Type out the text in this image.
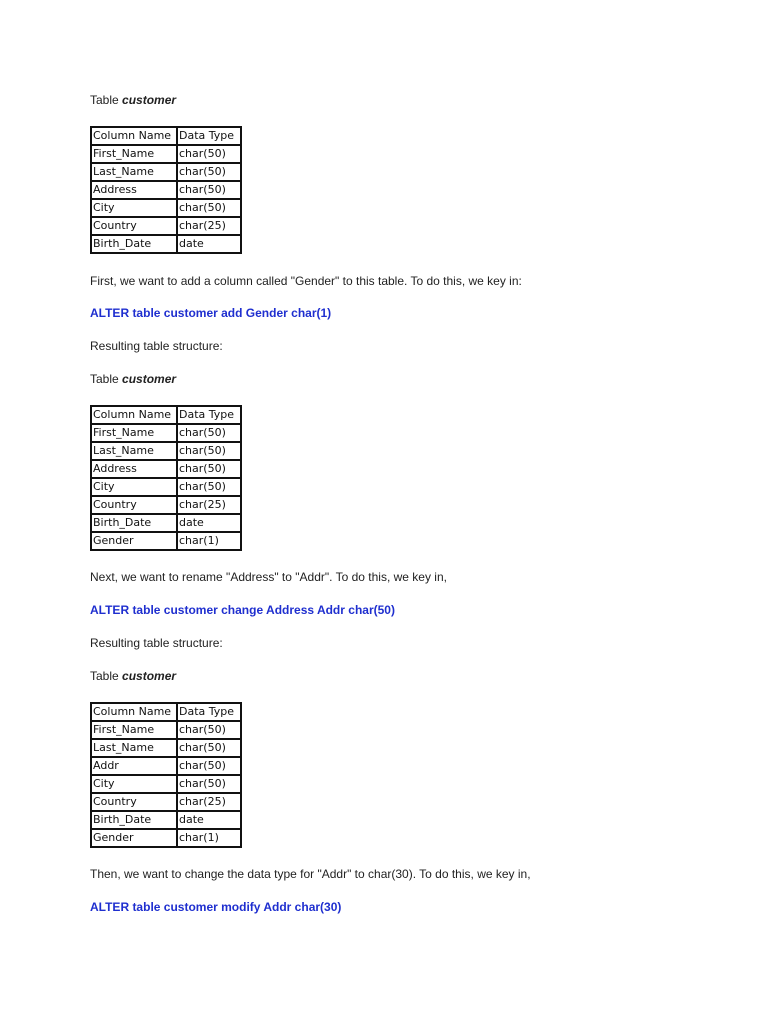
Table customer
Column Name	Data Type
First_Name	char(50)
Last_Name	char(50)
Address	char(50)
City	char(50)
Country	char(25)
Birth_Date	date
First, we want to add a column called "Gender" to this table. To do this, we key in:
ALTER table customer add Gender char(1)
Resulting table structure:
Table customer
Column Name	Data Type
First_Name	char(50)
Last_Name	char(50)
Address	char(50)
City	char(50)
Country	char(25)
Birth_Date	date
Gender	char(1)
Next, we want to rename "Address" to "Addr". To do this, we key in,
ALTER table customer change Address Addr char(50)
Resulting table structure:
Table customer
Column Name	Data Type
First_Name	char(50)
Last_Name	char(50)
Addr	char(50)
City	char(50)
Country	char(25)
Birth_Date	date
Gender	char(1)
Then, we want to change the data type for "Addr" to char(30). To do this, we key in,
ALTER table customer modify Addr char(30)
